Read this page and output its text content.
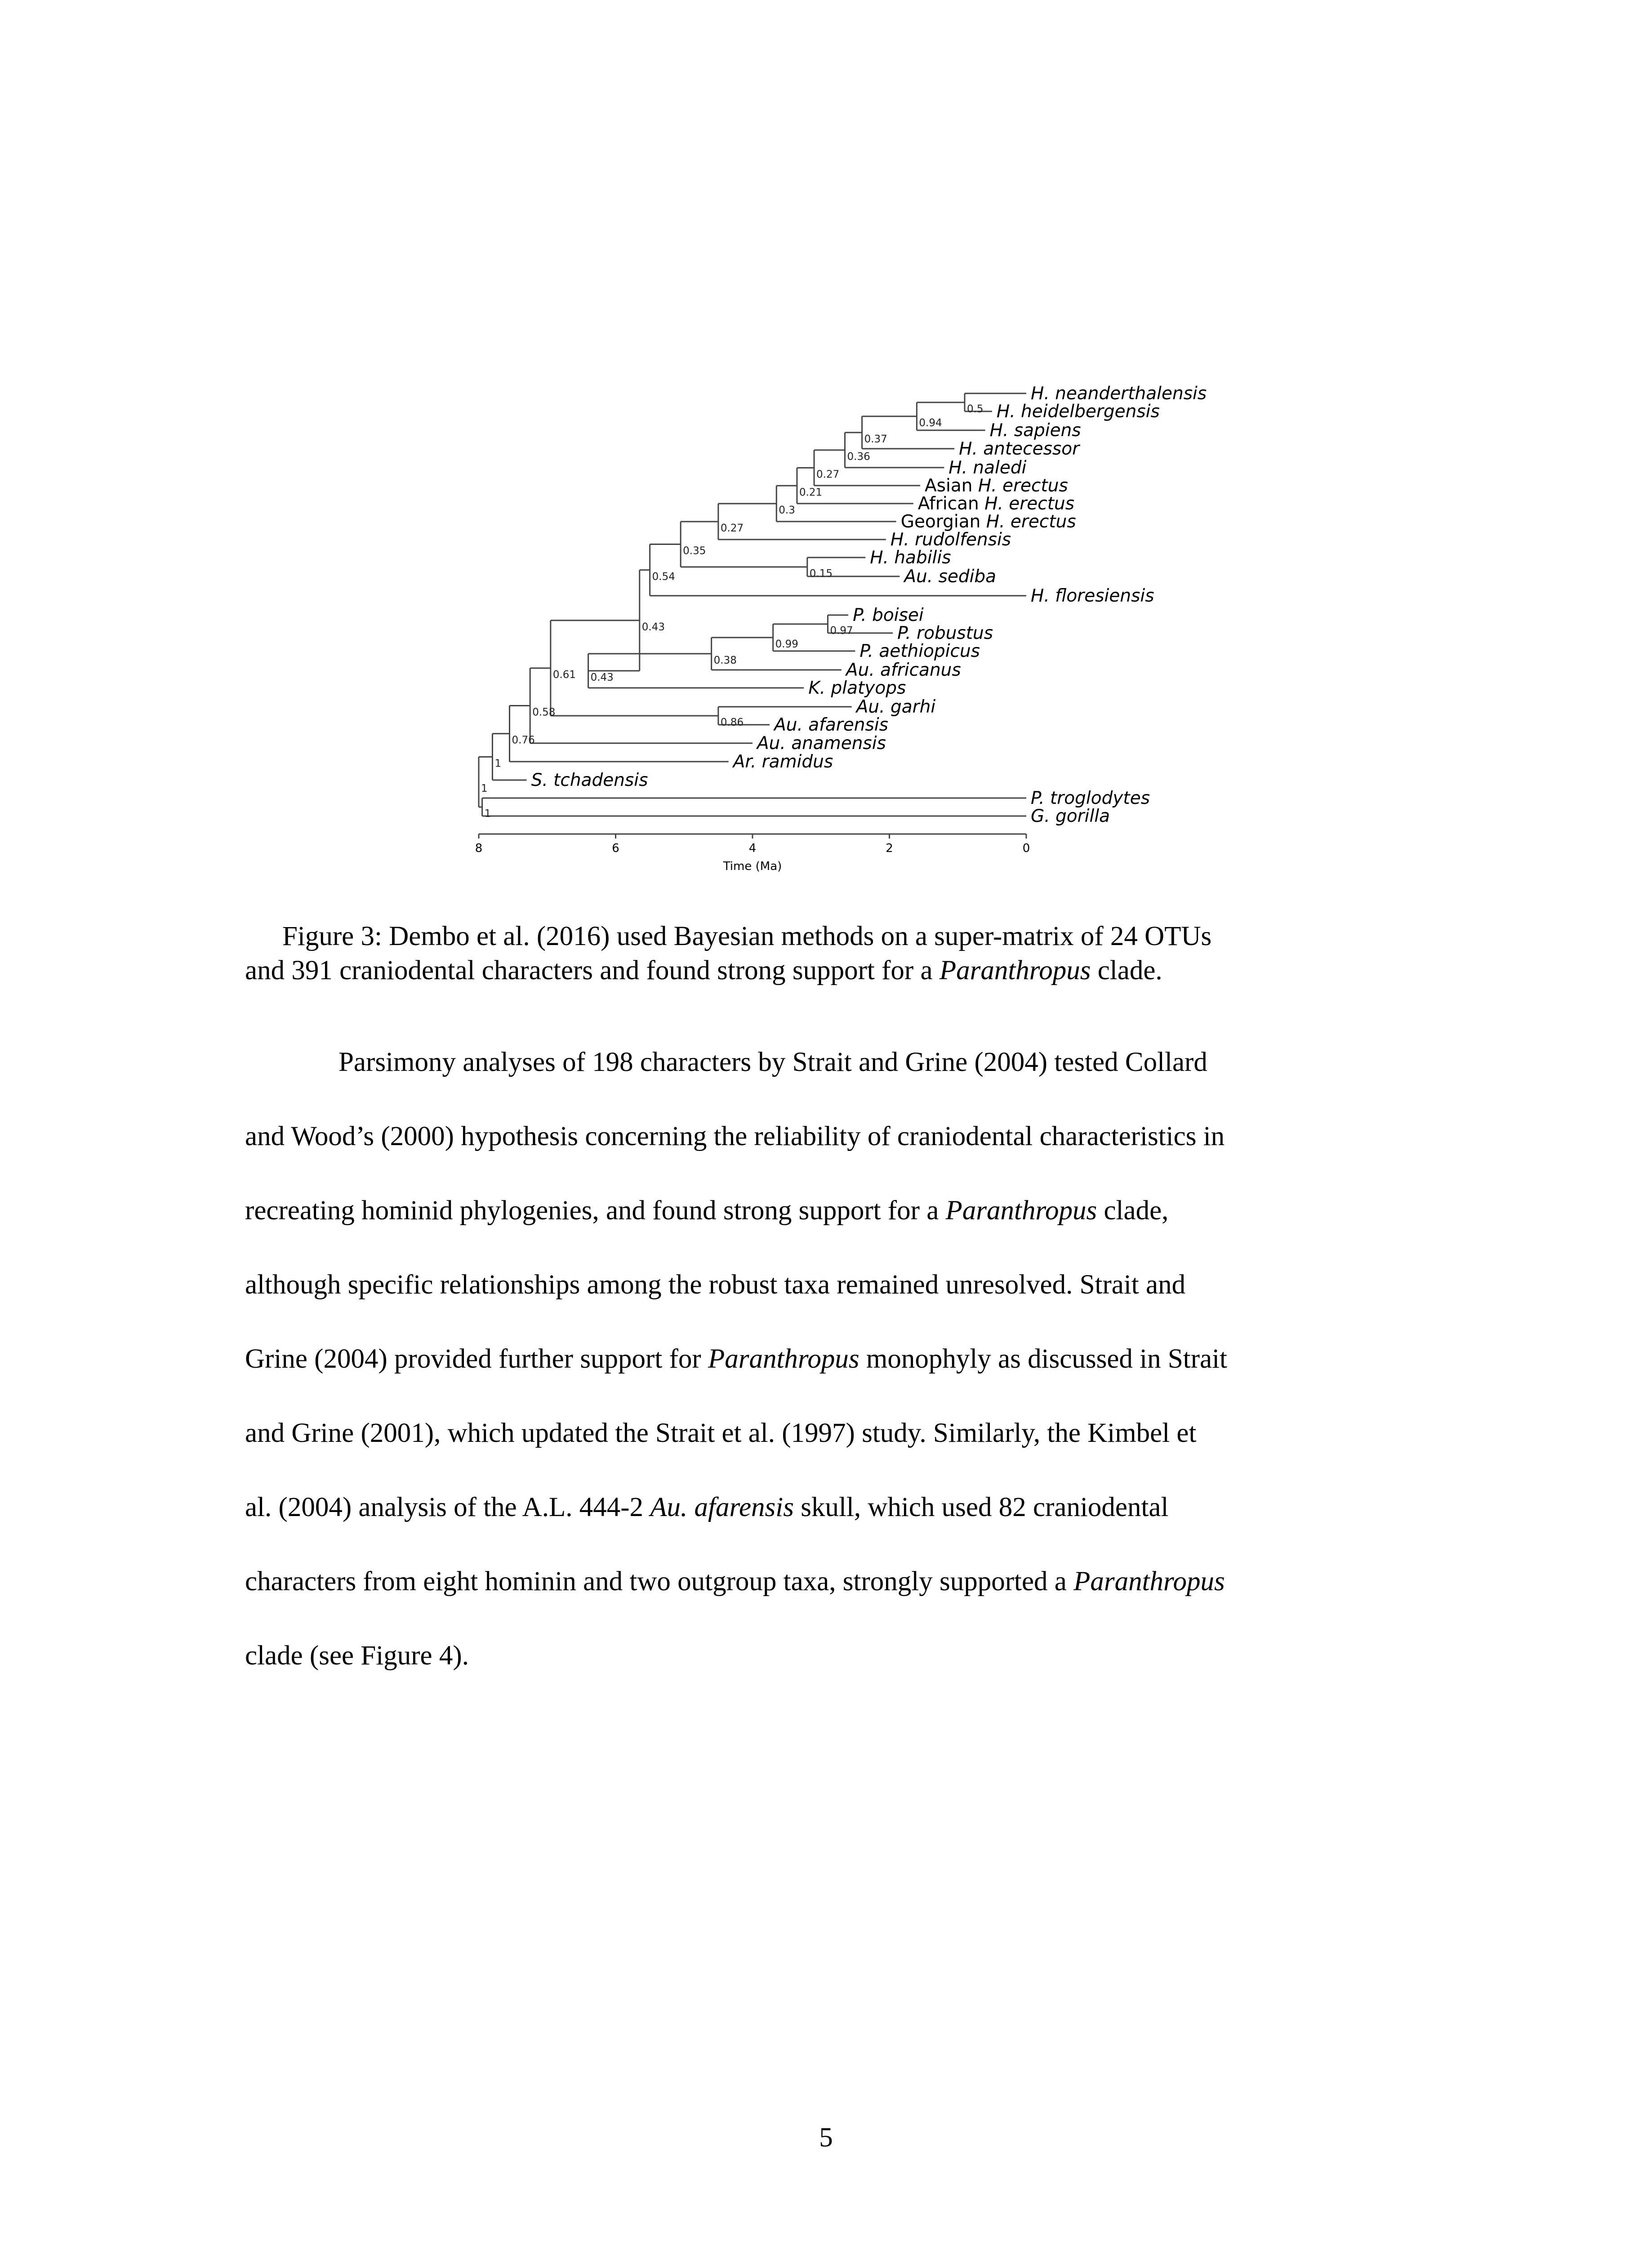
0.5
0.94
0.37
0.36
0.27
0.21
0.3
0.27
0.15
0.35
0.54
0.97
0.99
0.38
0.43
0.43
0.86
0.61
0.58
0.76
1
1
1
H. neanderthalensis
H. heidelbergensis
H. sapiens
H. antecessor
H. naledi
Asian H. erectus
African H. erectus
Georgian H. erectus
H. rudolfensis
H. habilis
Au. sediba
H. floresiensis
P. boisei
P. robustus
P. aethiopicus
Au. africanus
K. platyops
Au. garhi
Au. afarensis
Au. anamensis
Ar. ramidus
S. tchadensis
P. troglodytes
G. gorilla
8	6	4	2	0
Time (Ma)
Figure 3: Dembo et al. (2016) used Bayesian methods on a super-matrix of 24 OTUs
and 391 craniodental characters and found strong support for a Paranthropus clade.
Parsimony analyses of 198 characters by Strait and Grine (2004) tested Collard
and Wood’s (2000) hypothesis concerning the reliability of craniodental characteristics in
recreating hominid phylogenies, and found strong support for a Paranthropus clade,
although specific relationships among the robust taxa remained unresolved. Strait and
Grine (2004) provided further support for Paranthropus monophyly as discussed in Strait
and Grine (2001), which updated the Strait et al. (1997) study. Similarly, the Kimbel et
al. (2004) analysis of the A.L. 444-2 Au. afarensis skull, which used 82 craniodental
characters from eight hominin and two outgroup taxa, strongly supported a Paranthropus
clade (see Figure 4).
5
